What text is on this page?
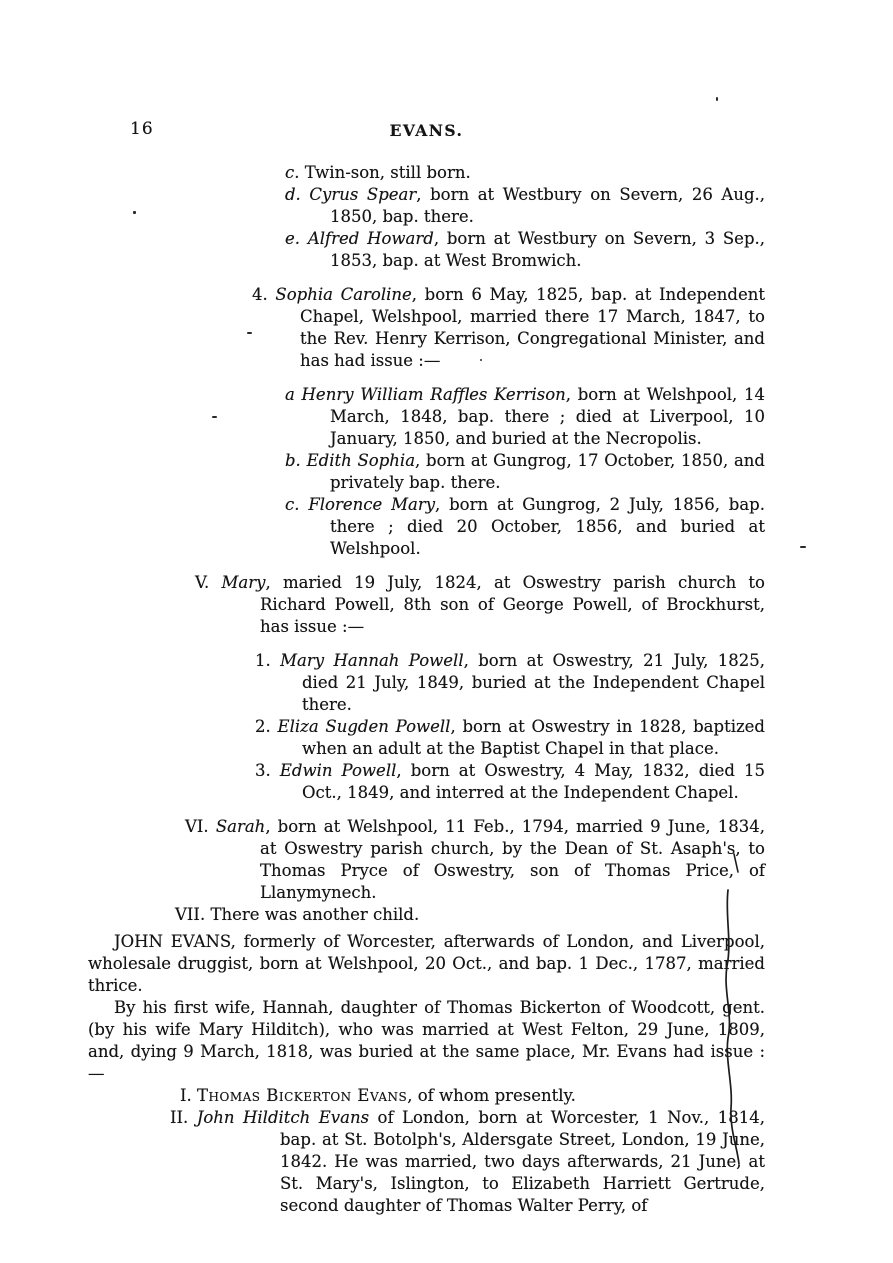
16	EVANS.
c. Twin-son, still born.
d. Cyrus Spear, born at Westbury on Severn, 26 Aug., 1850, bap. there.
e. Alfred Howard, born at Westbury on Severn, 3 Sep., 1853, bap. at West Bromwich.
4. Sophia Caroline, born 6 May, 1825, bap. at Independent Chapel, Welshpool, married there 17 March, 1847, to the Rev. Henry Kerrison, Congregational Minister, and has had issue :—
a Henry William Raffles Kerrison, born at Welshpool, 14 March, 1848, bap. there ; died at Liverpool, 10 January, 1850, and buried at the Necropolis.
b. Edith Sophia, born at Gungrog, 17 October, 1850, and privately bap. there.
c. Florence Mary, born at Gungrog, 2 July, 1856, bap. there ; died 20 October, 1856, and buried at Welshpool.
V. Mary, maried 19 July, 1824, at Oswestry parish church to Richard Powell, 8th son of George Powell, of Brockhurst, has issue :—
1. Mary Hannah Powell, born at Oswestry, 21 July, 1825, died 21 July, 1849, buried at the Independent Chapel there.
2. Eliza Sugden Powell, born at Oswestry in 1828, baptized when an adult at the Baptist Chapel in that place.
3. Edwin Powell, born at Oswestry, 4 May, 1832, died 15 Oct., 1849, and interred at the Independent Chapel.
VI. Sarah, born at Welshpool, 11 Feb., 1794, married 9 June, 1834, at Oswestry parish church, by the Dean of St. Asaph's, to Thomas Pryce of Oswestry, son of Thomas Price, of Llanymynech.
VII. There was another child.

JOHN EVANS, formerly of Worcester, afterwards of London, and Liverpool, wholesale druggist, born at Welshpool, 20 Oct., and bap. 1 Dec., 1787, married thrice.

By his first wife, Hannah, daughter of Thomas Bickerton of Woodcott, gent. (by his wife Mary Hilditch), who was married at West Felton, 29 June, 1809, and, dying 9 March, 1818, was buried at the same place, Mr. Evans had issue :—

I. Thomas Bickerton Evans, of whom presently.
II. John Hilditch Evans of London, born at Worcester, 1 Nov., 1814, bap. at St. Botolph's, Aldersgate Street, London, 19 June, 1842. He was married, two days afterwards, 21 June, at St. Mary's, Islington, to Elizabeth Harriett Gertrude, second daughter of Thomas Walter Perry, of
